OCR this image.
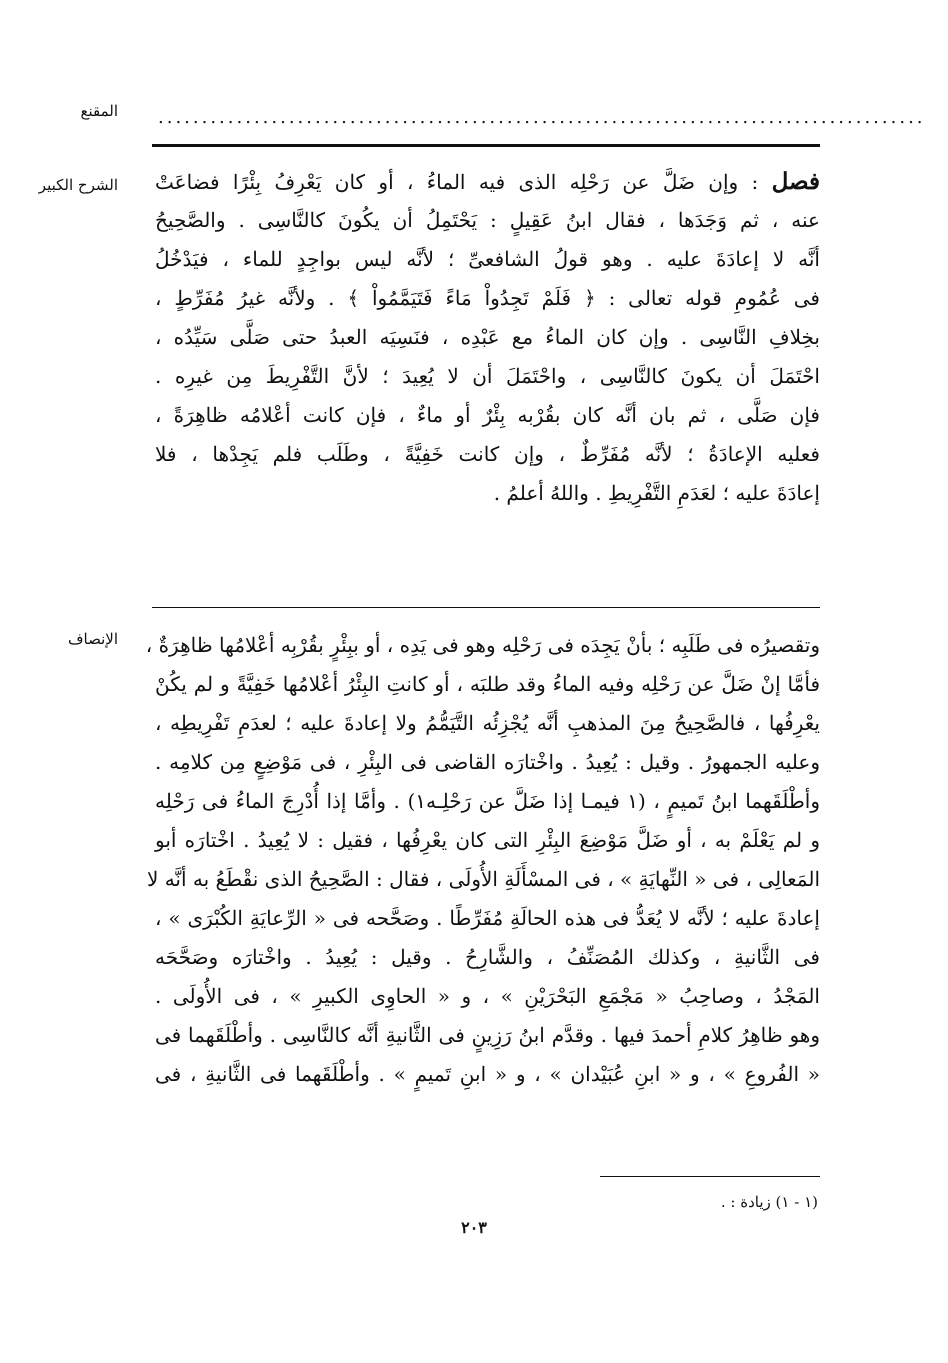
المقنع ........................................................................................
الشرح الكبير
الإنصاف
فصل : وإن ضَلَّ عن رَحْلِه الذى فيه الماءُ ، أو كان يَعْرِفُ بِئْرًا فضاعَتْ
عنه ، ثم وَجَدَها ، فقال ابنُ عَقِيلٍ : يَحْتَمِلُ أن يكُونَ كالنَّاسِى . والصَّحِيحُ
أنَّه لا إعادَةَ عليه . وهو قولُ الشافعىِّ ؛ لأنَّه ليس بواجِدٍ للماء ، فيَدْخُلُ
فى عُمُومِ قوله تعالى : ﴿ فَلَمْ تَجِدُواْ مَاءً فَتَيَمَّمُواْ ﴾ . ولأنَّه غيرُ مُفَرِّطٍ ،
بخِلافِ النَّاسِى . وإن كان الماءُ مع عَبْدِه ، فنَسِيَه العبدُ حتى صَلَّى سَيِّدُه ،
احْتَمَلَ أن يكونَ كالنَّاسِى ، واحْتَمَلَ أن لا يُعِيدَ ؛ لأنَّ التَّفْرِيطَ مِن غيرِه .
فإن صَلَّى ، ثم بان أنَّه كان بقُرْبه بِئْرٌ أو ماءٌ ، فإن كانت أعْلامُه ظاهِرَةً ،
فعليه الإعادَةُ ؛ لأنَّه مُفَرِّطٌ ، وإن كانت خَفِيَّةً ، وطَلَب فلم يَجِدْها ، فلا
إعادَةَ عليه ؛ لعَدَمِ التَّفْرِيطِ . واللهُ أعلمُ .
وتقصيرُه فى طَلَبِه ؛ بأنْ يَجِدَه فى رَحْلِه وهو فى يَدِه ، أو ببِئْرٍ بقُرْبِه أعْلامُها ظاهِرَةٌ ،
فأمَّا إنْ ضَلَّ عن رَحْلِه وفيه الماءُ وقد طلبَه ، أو كانتِ البِئْرُ أعْلامُها خَفِيَّةً و لم يكُنْ
يعْرِفُها ، فالصَّحِيحُ مِنَ المذهبِ أنَّه يُجْزِئُه التَّيَمُّمُ ولا إعادةَ عليه ؛ لعدَمِ تَفْرِيطِه ،
وعليه الجمهورُ . وقيل : يُعِيدُ . واخْتارَه القاضى فى البِئْرِ ، فى مَوْضِعٍ مِن كلامِه .
وأطْلَقَهما ابنُ تَميمٍ ، (١ فيمـا إذا ضَلَّ عن رَحْلِـه١) . وأمَّا إذا أُدْرِجَ الماءُ فى رَحْلِه
و لم يَعْلَمْ به ، أو ضَلَّ مَوْضِعَ البِئْرِ التى كان يعْرِفُها ، فقيل : لا يُعِيدُ . اخْتارَه أبو
المَعالِى ، فى « النِّهايَةِ » ، فى المسْأَلَةِ الأُولَى ، فقال : الصَّحِيحُ الذى نقْطَعُ به أنَّه لا
إعادةَ عليه ؛ لأنَّه لا يُعَدُّ فى هذه الحالَةِ مُفَرِّطًا . وصَحَّحه فى « الرِّعايَةِ الكُبْرَى » ،
فى الثَّانيةِ ، وكذلك المُصَنِّفُ ، والشَّارِحُ . وقيل : يُعِيدُ . واخْتارَه وصَحَّحَه
المَجْدُ ، وصاحِبُ « مَجْمَعِ البَحْرَيْنِ » ، و « الحاوِى الكبيرِ » ، فى الأُولَى .
وهو ظاهِرُ كلامِ أحمدَ فيها . وقدَّم ابنُ رَزِينٍ فى الثَّانيةِ أنَّه كالنَّاسِى . وأطْلَقَهما فى
« الفُروعِ » ، و « ابنِ عُبَيْدان » ، و « ابنِ تَميمٍ » . وأطْلَقَهما فى الثَّانيةِ ، فى
(١ - ١) زيادة : .
٢٠٣
